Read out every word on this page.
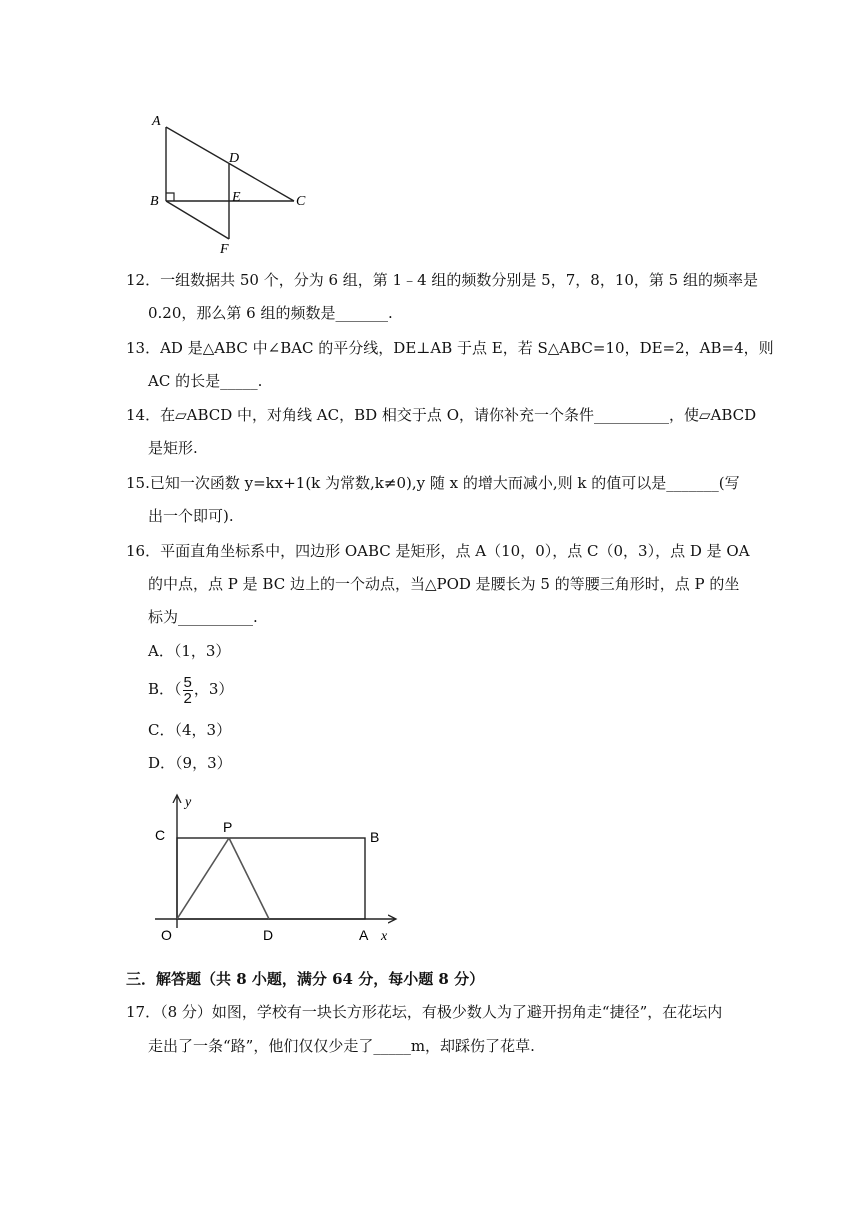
A
D
B	E	C
F
12．一组数据共 50 个，分为 6 组，第 1﹣4 组的频数分别是 5，7，8，10，第 5 组的频率是
0.20，那么第 6 组的频数是_______.
13．AD 是△ABC 中∠BAC 的平分线，DE⊥AB 于点 E，若 S△ABC=10，DE=2，AB=4，则
AC 的长是_____.
14．在▱ABCD 中，对角线 AC，BD 相交于点 O，请你补充一个条件__________，使▱ABCD
是矩形.
15.已知一次函数 y=kx+1(k 为常数,k≠0),y 随 x 的增大而减小,则 k 的值可以是_______(写
出一个即可).
16．平面直角坐标系中，四边形 OABC 是矩形，点 A（10，0），点 C（0，3），点 D 是 OA
的中点，点 P 是 BC 边上的一个动点，当△POD 是腰长为 5 的等腰三角形时，点 P 的坐
标为__________.
A．（1，3）
B．（ $\frac{5}{2}$ ，3）
C．（4，3）
D．（9，3）
y
x
C	P
B
O	D	A
三．解答题（共 8 小题，满分 64 分，每小题 8 分）
17．（8 分）如图，学校有一块长方形花坛，有极少数人为了避开拐角走“捷径”，在花坛内
走出了一条“路”，他们仅仅少走了_____m，却踩伤了花草.
